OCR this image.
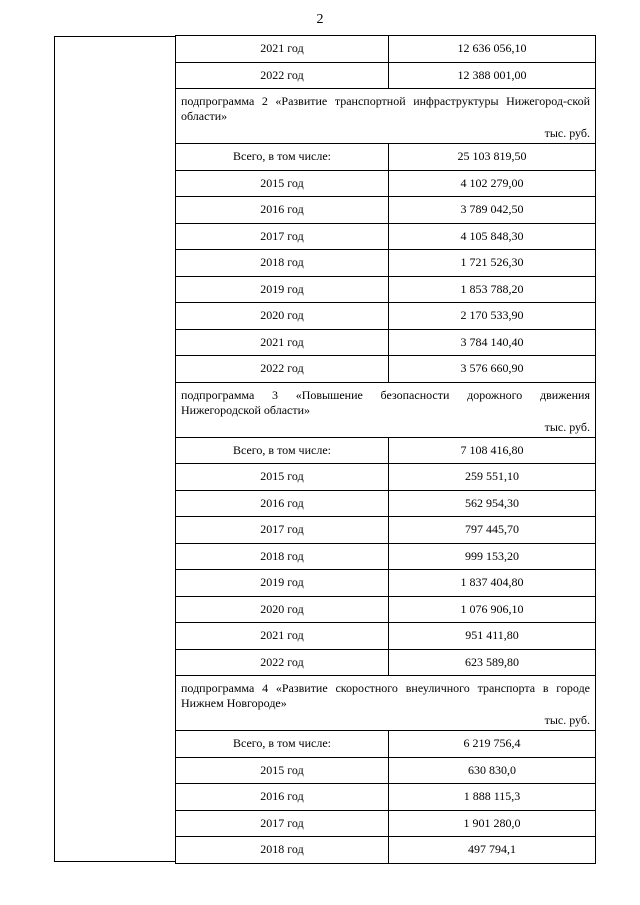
2
2021 год	12 636 056,10
2022 год	12 388 001,00
подпрограмма 2 «Развитие транспортной инфраструктуры Нижегород-ской области»
тыс. руб.
Всего, в том числе:	25 103 819,50
2015 год	4 102 279,00
2016 год	3 789 042,50
2017 год	4 105 848,30
2018 год	1 721 526,30
2019 год	1 853 788,20
2020 год	2 170 533,90
2021 год	3 784 140,40
2022 год	3 576 660,90
подпрограмма 3 «Повышение безопасности дорожного движения Нижегородской области»
тыс. руб.
Всего, в том числе:	7 108 416,80
2015 год	259 551,10
2016 год	562 954,30
2017 год	797 445,70
2018 год	999 153,20
2019 год	1 837 404,80
2020 год	1 076 906,10
2021 год	951 411,80
2022 год	623 589,80
подпрограмма 4 «Развитие скоростного внеуличного транспорта в городе Нижнем Новгороде»
тыс. руб.
Всего, в том числе:	6 219 756,4
2015 год	630 830,0
2016 год	1 888 115,3
2017 год	1 901 280,0
2018 год	497 794,1
